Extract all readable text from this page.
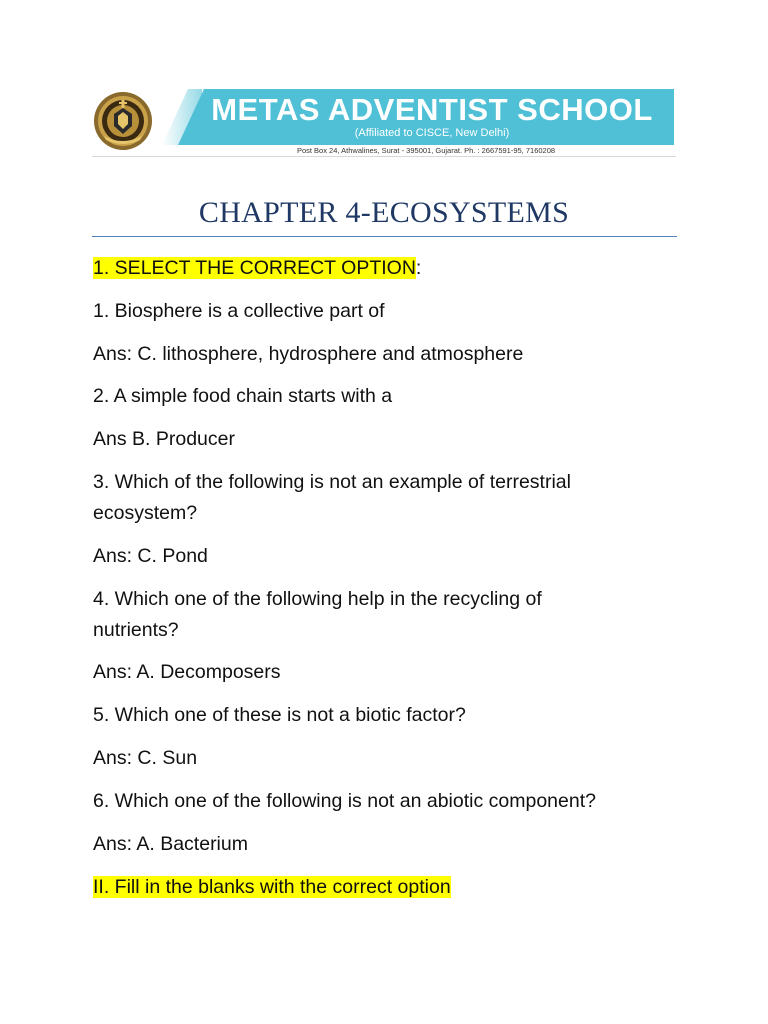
METAS ADVENTIST SCHOOL
(Affiliated to CISCE, New Delhi)
Post Box 24, Athwalines, Surat - 395001, Gujarat. Ph. : 2667591-95, 7160208
CHAPTER 4-ECOSYSTEMS
1. SELECT THE CORRECT OPTION:
1. Biosphere is a collective part of
Ans: C. lithosphere, hydrosphere and atmosphere
2. A simple food chain starts with a
Ans B. Producer
3. Which of the following is not an example of terrestrial ecosystem?
Ans: C. Pond
4. Which one of the following help in the recycling of nutrients?
Ans: A. Decomposers
5. Which one of these is not a biotic factor?
Ans: C. Sun
6. Which one of the following is not an abiotic component?
Ans: A. Bacterium
II. Fill in the blanks with the correct option
